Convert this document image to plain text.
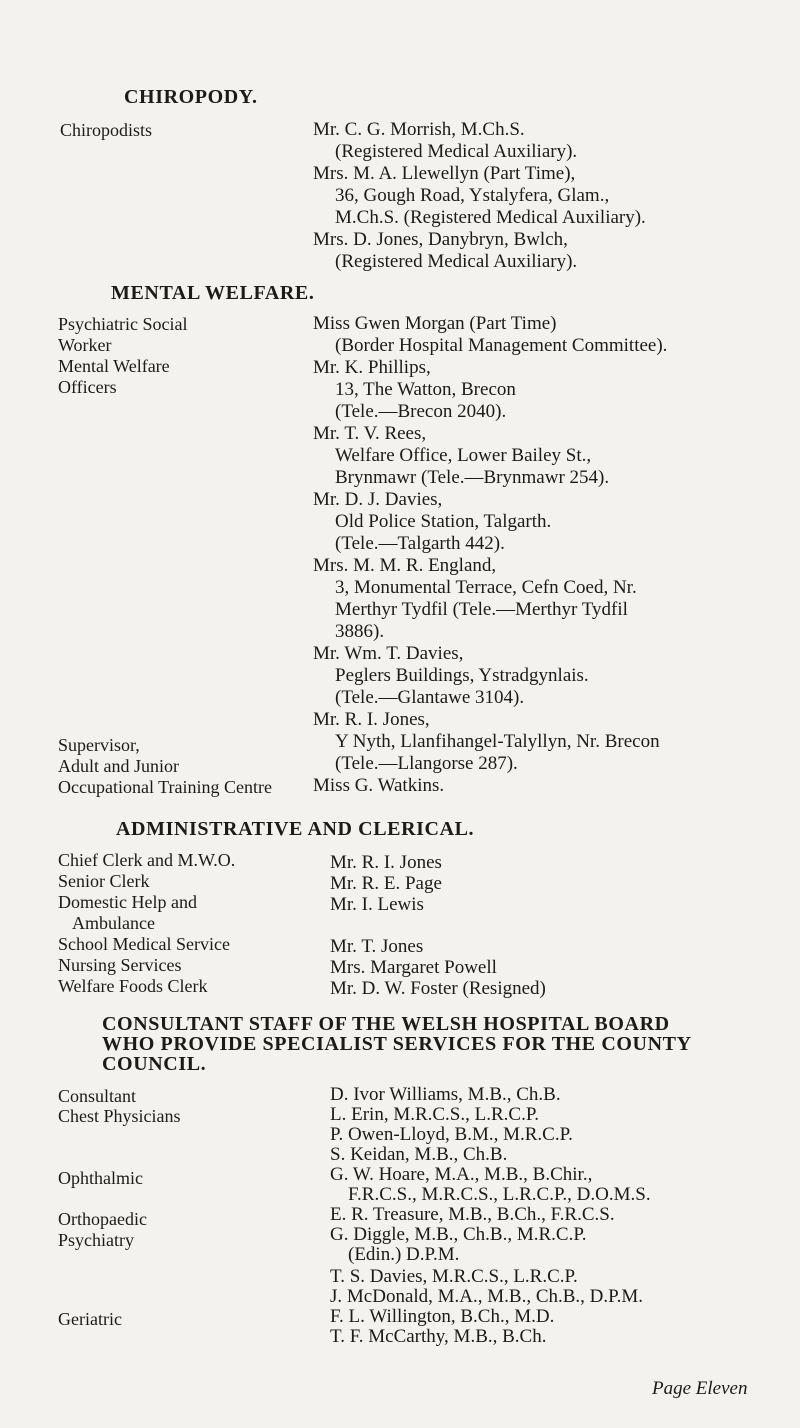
CHIROPODY.
Chiropodists	Mr. C. G. Morrish, M.Ch.S.
(Registered Medical Auxiliary).
Mrs. M. A. Llewellyn (Part Time),
36, Gough Road, Ystalyfera, Glam.,
M.Ch.S. (Registered Medical Auxiliary).
Mrs. D. Jones, Danybryn, Bwlch,
(Registered Medical Auxiliary).
MENTAL WELFARE.
Psychiatric Social
Worker
Mental Welfare
Officers
Supervisor,
Adult and Junior
Occupational Training Centre
Miss Gwen Morgan (Part Time)
(Border Hospital Management Committee).
Mr. K. Phillips,
13, The Watton, Brecon
(Tele.—Brecon 2040).
Mr. T. V. Rees,
Welfare Office, Lower Bailey St.,
Brynmawr (Tele.—Brynmawr 254).
Mr. D. J. Davies,
Old Police Station, Talgarth.
(Tele.—Talgarth 442).
Mrs. M. M. R. England,
3, Monumental Terrace, Cefn Coed, Nr.
Merthyr Tydfil (Tele.—Merthyr Tydfil
3886).
Mr. Wm. T. Davies,
Peglers Buildings, Ystradgynlais.
(Tele.—Glantawe 3104).
Mr. R. I. Jones,
Y Nyth, Llanfihangel-Talyllyn, Nr. Brecon
(Tele.—Llangorse 287).
Miss G. Watkins.
ADMINISTRATIVE AND CLERICAL.
Chief Clerk and M.W.O.
Senior Clerk
Domestic Help and
Ambulance
School Medical Service
Nursing Services
Welfare Foods Clerk
Mr. R. I. Jones
Mr. R. E. Page
Mr. I. Lewis
Mr. T. Jones
Mrs. Margaret Powell
Mr. D. W. Foster (Resigned)
CONSULTANT STAFF OF THE WELSH HOSPITAL BOARD
WHO PROVIDE SPECIALIST SERVICES FOR THE COUNTY
COUNCIL.
Consultant
Chest Physicians
Ophthalmic
Orthopaedic
Psychiatry
Geriatric
D. Ivor Williams, M.B., Ch.B.
L. Erin, M.R.C.S., L.R.C.P.
P. Owen-Lloyd, B.M., M.R.C.P.
S. Keidan, M.B., Ch.B.
G. W. Hoare, M.A., M.B., B.Chir.,
F.R.C.S., M.R.C.S., L.R.C.P., D.O.M.S.
E. R. Treasure, M.B., B.Ch., F.R.C.S.
G. Diggle, M.B., Ch.B., M.R.C.P.
(Edin.) D.P.M.
T. S. Davies, M.R.C.S., L.R.C.P.
J. McDonald, M.A., M.B., Ch.B., D.P.M.
F. L. Willington, B.Ch., M.D.
T. F. McCarthy, M.B., B.Ch.
Page Eleven
